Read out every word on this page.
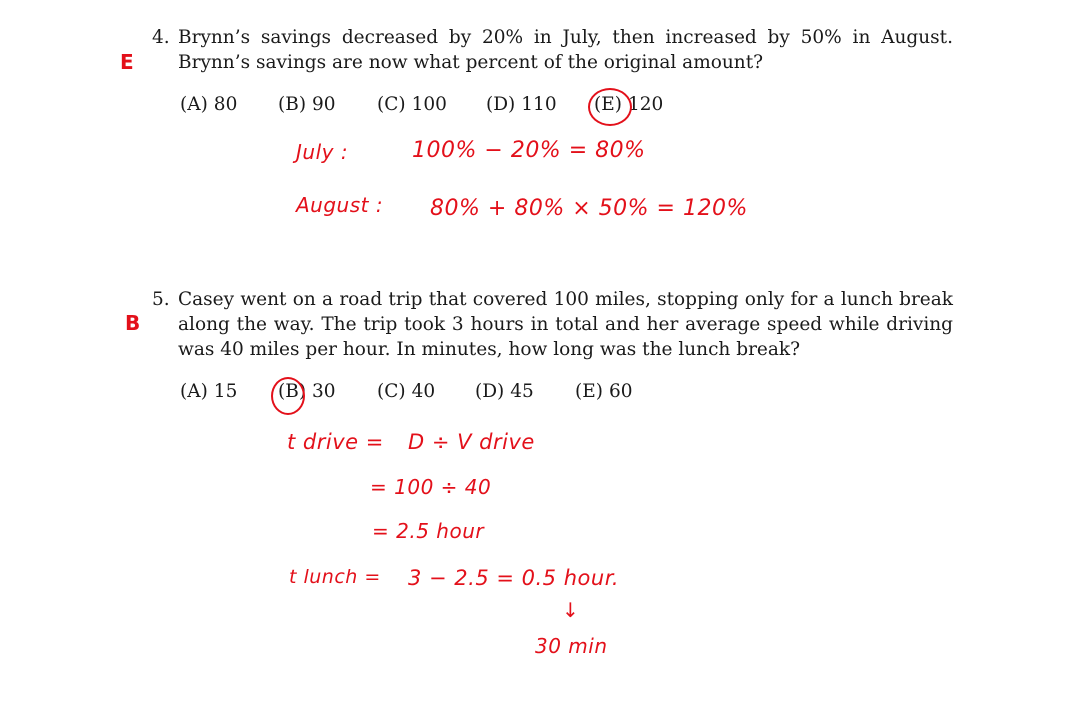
E
4. Brynn’s savings decreased by 20% in July, then increased by 50% in August. Brynn’s savings are now what percent of the original amount?
(A) 80 (B) 90 (C) 100 (D) 110 (E) 120
July :	100% − 20% = 80%
August : 80% + 80% × 50% = 120%
B
5. Casey went on a road trip that covered 100 miles, stopping only for a lunch break along the way. The trip took 3 hours in total and her average speed while driving was 40 miles per hour. In minutes, how long was the lunch break?
(A) 15 (B) 30 (C) 40 (D) 45 (E) 60
t drive = D ÷ V drive
= 100 ÷ 40
= 2.5 hour
t lunch = 3 − 2.5 = 0.5 hour.
↓
30 min
